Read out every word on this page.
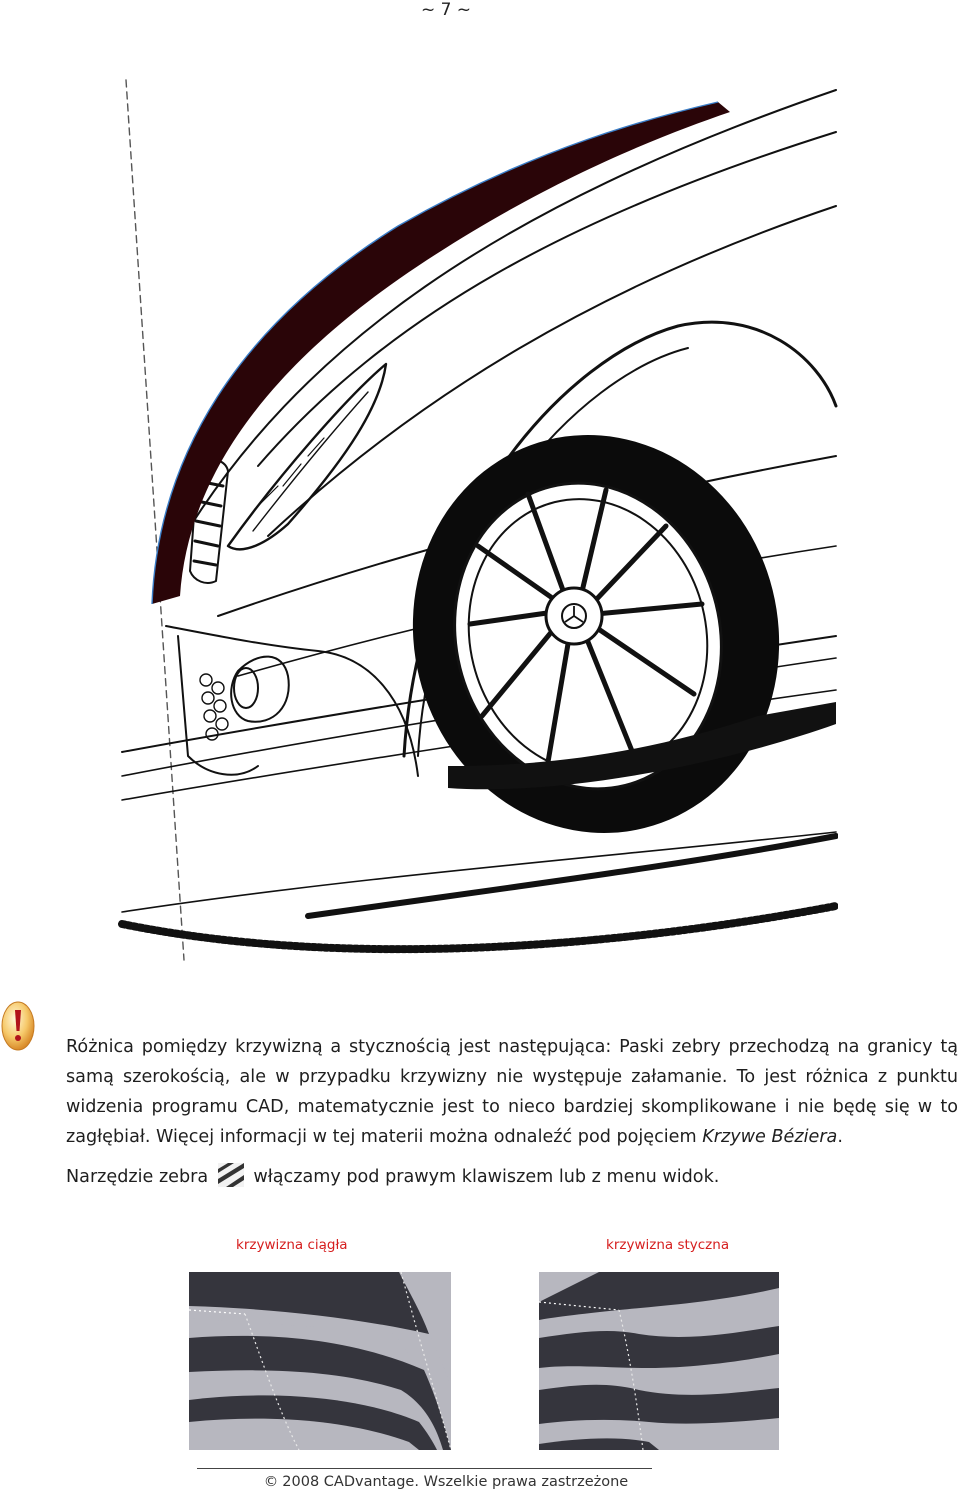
~ 7 ~
Różnica pomiędzy krzywizną a stycznością jest następująca: Paski zebry przechodzą na granicy tą samą szerokością, ale w przypadku krzywizny nie występuje załamanie. To jest różnica z punktu widzenia programu CAD, matematycznie jest to nieco bardziej skomplikowane i nie będę się w to zagłębiał. Więcej informacji w tej materii można odnaleźć pod pojęciem Krzywe Béziera.
Narzędzie zebra	włączamy pod prawym klawiszem lub z menu widok.
krzywizna ciągła	krzywizna styczna
© 2008 CADvantage. Wszelkie prawa zastrzeżone
